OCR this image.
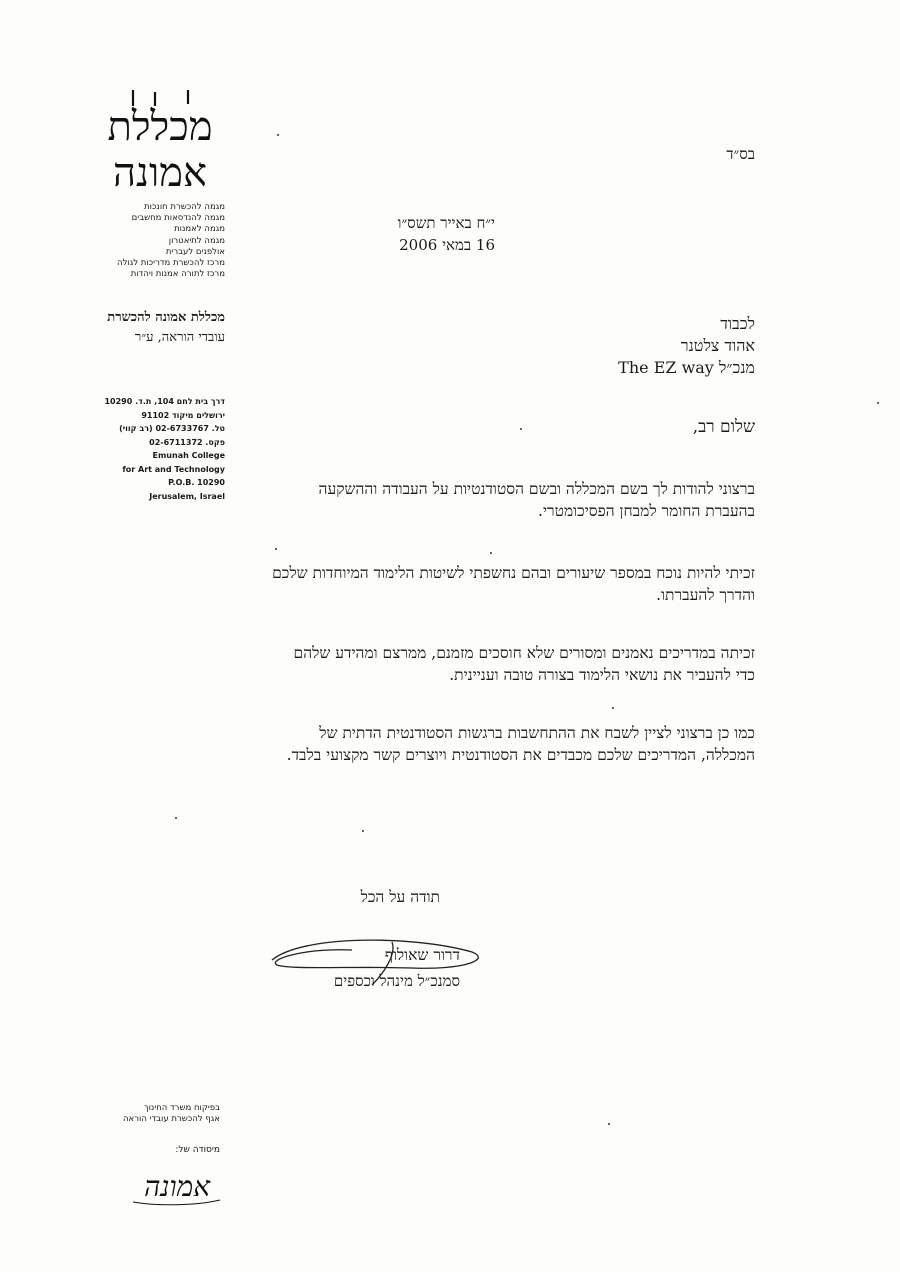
מכללת
אמונה
מגמה להכשרת חונכות
מגמה להנדסאות מחשבים
מגמה לאמנות
מגמה לתיאטרון
אולפנים לעברית
מרכז להכשרת מדריכות לגולה
מרכז לתורה אמנות ויהדות
מכללת אמונה להכשרת
עובדי הוראה, ע״ר
דרך בית לחם 104, ת.ד. 10290
ירושלים מיקוד 91102
טל. 02-6733767 (רב קווי)
פקס. 02-6711372
Emunah College
for Art and Technology
P.O.B. 10290
Jerusalem, Israel
בס״ד
י״ח באייר תשס״ו
16 במאי 2006
לכבוד
אהוד צלטנר
מנכ״ל The EZ way
שלום רב,
ברצוני להודות לך בשם המכללה ובשם הסטודנטיות על העבודה וההשקעה
בהעברת החומר למבחן הפסיכומטרי.
זכיתי להיות נוכח במספר שיעורים ובהם נחשפתי לשיטות הלימוד המיוחדות שלכם
והדרך להעברתו.
זכיתה במדריכים נאמנים ומסורים שלא חוסכים מזמנם, ממרצם ומהידע שלהם
כדי להעביר את נושאי הלימוד בצורה טובה ועניינית.
כמו כן ברצוני לציין לשבח את ההתחשבות ברגשות הסטודנטית הדתית של
המכללה, המדריכים שלכם מכבדים את הסטודנטית ויוצרים קשר מקצועי בלבד.
תודה על הכל
דרור שאולוף
סמנכ״ל מינהל וכספים
בפיקוח משרד החינוך
אגף להכשרת עובדי הוראה
מיסודה של:
אמונה
